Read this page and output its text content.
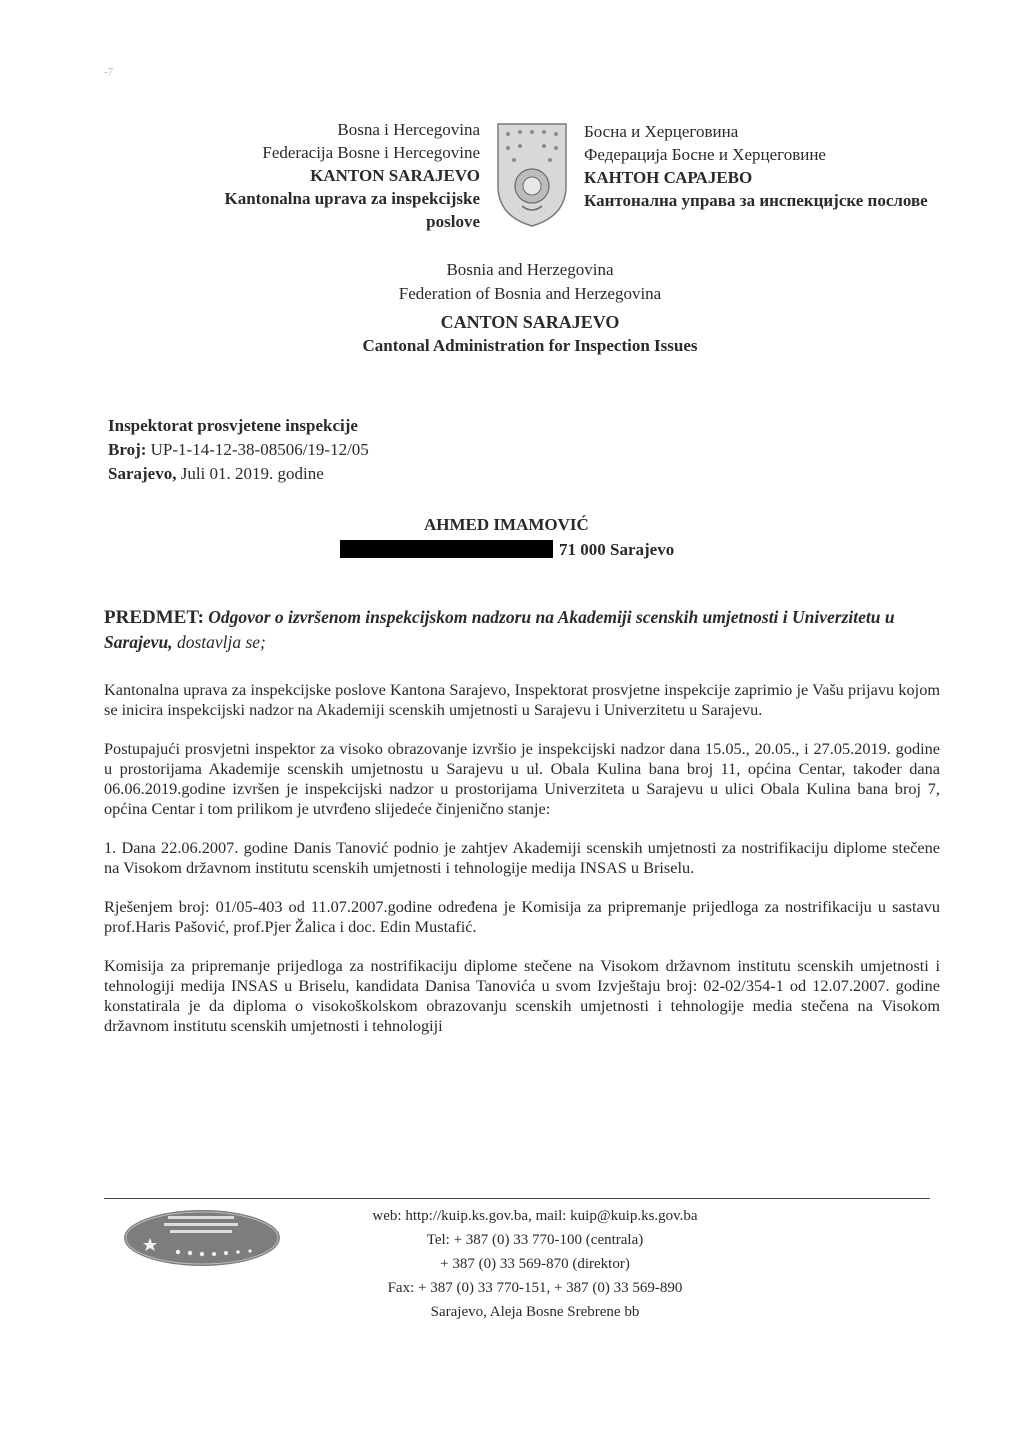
-7
Bosna i Hercegovina
Federacija Bosne i Hercegovine
KANTON SARAJEVO
Kantonalna uprava za inspekcijske poslove
Босна и Херцеговина
Федерација Босне и Херцеговине
КАНТОН САРАЈЕВО
Кантонална управа за инспекцијске послове
Bosnia and Herzegovina
Federation of Bosnia and Herzegovina
CANTON SARAJEVO
Cantonal Administration for Inspection Issues
Inspektorat prosvjetene inspekcije
Broj: UP-1-14-12-38-08506/19-12/05
Sarajevo, Juli 01. 2019. godine
AHMED IMAMOVIĆ
71 000 Sarajevo
PREDMET: Odgovor o izvršenom inspekcijskom nadzoru na Akademiji scenskih umjetnosti i Univerzitetu u Sarajevu, dostavlja se;

Kantonalna uprava za inspekcijske poslove Kantona Sarajevo, Inspektorat prosvjetne inspekcije zaprimio je Vašu prijavu kojom se inicira inspekcijski nadzor na Akademiji scenskih umjetnosti u Sarajevu i Univerzitetu u Sarajevu.

Postupajući prosvjetni inspektor za visoko obrazovanje izvršio je inspekcijski nadzor dana 15.05., 20.05., i 27.05.2019. godine u prostorijama Akademije scenskih umjetnostu u Sarajevu u ul. Obala Kulina bana broj 11, općina Centar, također dana 06.06.2019.godine izvršen je inspekcijski nadzor u prostorijama Univerziteta u Sarajevu u ulici Obala Kulina bana broj 7, općina Centar i tom prilikom je utvrđeno slijedeće činjenično stanje:

1. Dana 22.06.2007. godine Danis Tanović podnio je zahtjev Akademiji scenskih umjetnosti za nostrifikaciju diplome stečene na Visokom državnom institutu scenskih umjetnosti i tehnologije medija INSAS u Briselu.

Rješenjem broj: 01/05-403 od 11.07.2007.godine određena je Komisija za pripremanje prijedloga za nostrifikaciju u sastavu prof.Haris Pašović, prof.Pjer Žalica i doc. Edin Mustafić.

Komisija za pripremanje prijedloga za nostrifikaciju diplome stečene na Visokom državnom institutu scenskih umjetnosti i tehnologiji medija INSAS u Briselu, kandidata Danisa Tanovića u svom Izvještaju broj: 02-02/354-1 od 12.07.2007. godine konstatirala je da diploma o visokoškolskom obrazovanju scenskih umjetnosti i tehnologije media stečena na Visokom državnom institutu scenskih umjetnosti i tehnologiji

web: http://kuip.ks.gov.ba, mail: kuip@kuip.ks.gov.ba
Tel: + 387 (0) 33 770-100 (centrala)
+ 387 (0) 33 569-870 (direktor)
Fax: + 387 (0) 33 770-151, + 387 (0) 33 569-890
Sarajevo, Aleja Bosne Srebrene bb
